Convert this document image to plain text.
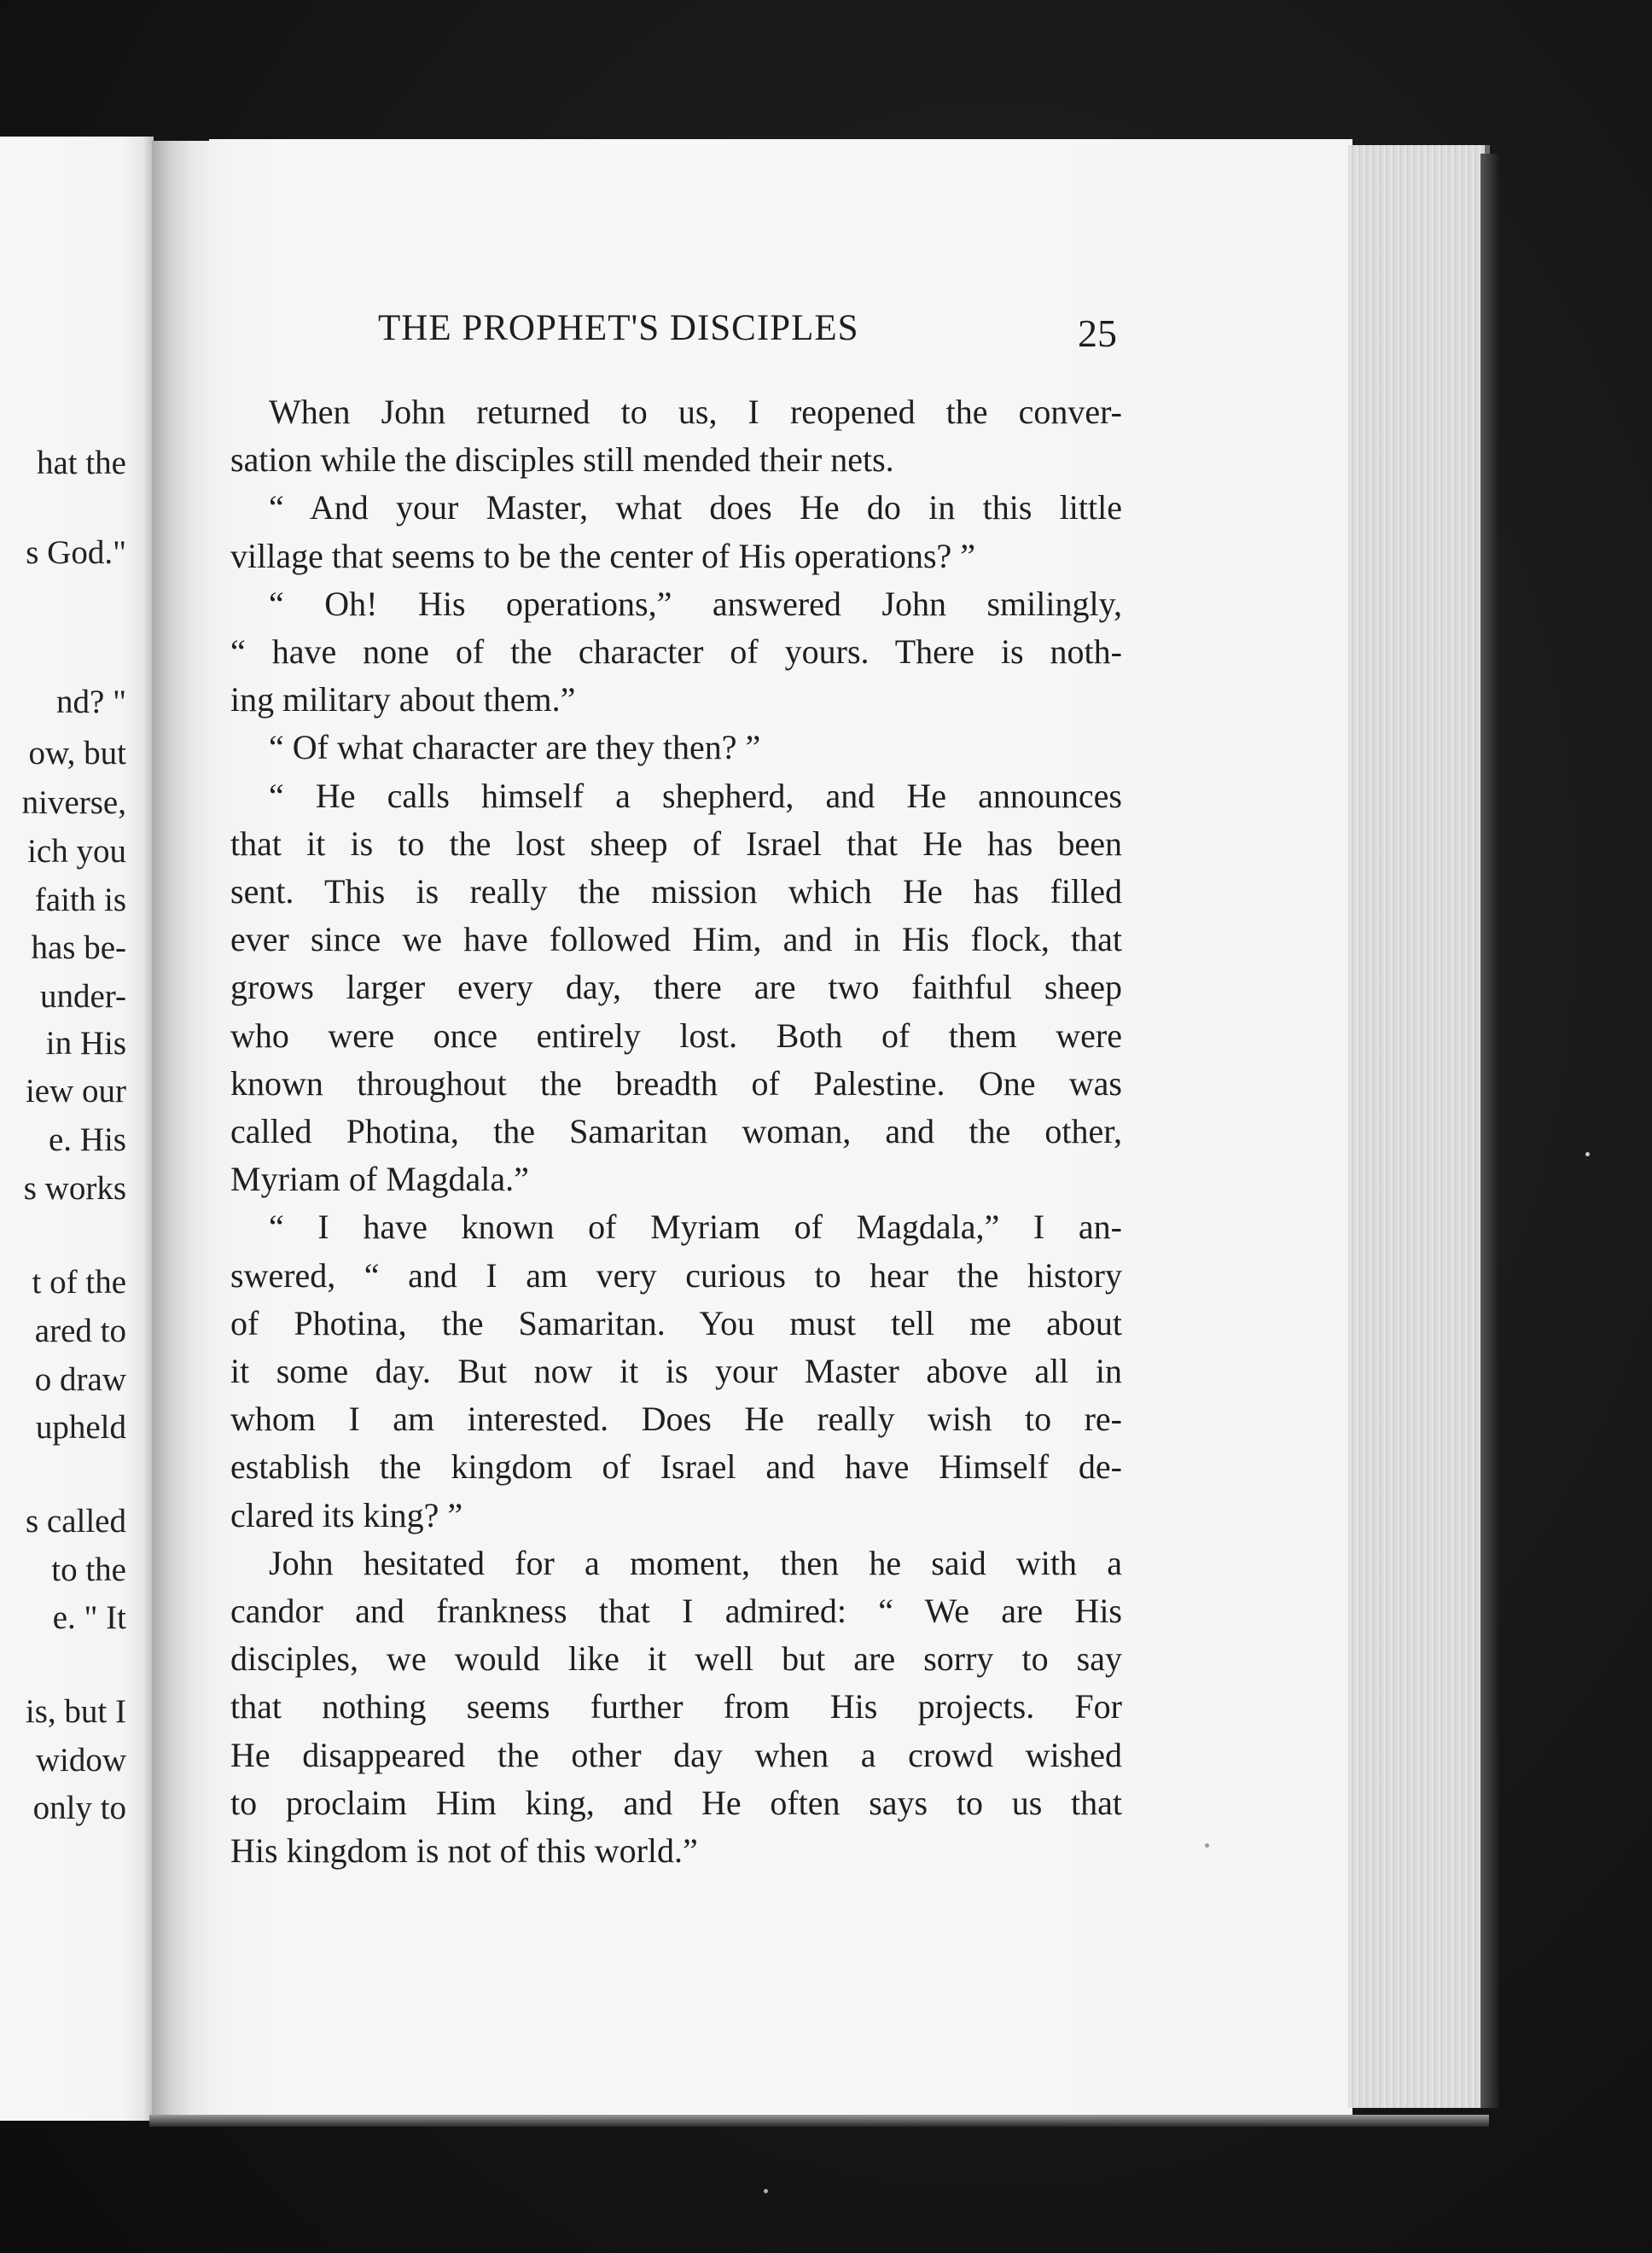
hat the
s God."
nd? "
ow, but
niverse,
ich you
faith is
has be-
under-
in His
iew our
e. His
s works
t of the
ared to
o draw
upheld
s called
to the
e. " It
is, but I
widow
only to
THE PROPHET'S DISCIPLES	25
When John returned to us, I reopened the conver-
sation while the disciples still mended their nets.
“ And your Master, what does He do in this little
village that seems to be the center of His operations? ”
“ Oh! His operations,” answered John smilingly,
“ have none of the character of yours. There is noth-
ing military about them.”
“ Of what character are they then? ”
“ He calls himself a shepherd, and He announces
that it is to the lost sheep of Israel that He has been
sent. This is really the mission which He has filled
ever since we have followed Him, and in His flock, that
grows larger every day, there are two faithful sheep
who were once entirely lost. Both of them were
known throughout the breadth of Palestine. One was
called Photina, the Samaritan woman, and the other,
Myriam of Magdala.”
“ I have known of Myriam of Magdala,” I an-
swered, “ and I am very curious to hear the history
of Photina, the Samaritan. You must tell me about
it some day. But now it is your Master above all in
whom I am interested. Does He really wish to re-
establish the kingdom of Israel and have Himself de-
clared its king? ”
John hesitated for a moment, then he said with a
candor and frankness that I admired: “ We are His
disciples, we would like it well but are sorry to say
that nothing seems further from His projects. For
He disappeared the other day when a crowd wished
to proclaim Him king, and He often says to us that
His kingdom is not of this world.”
